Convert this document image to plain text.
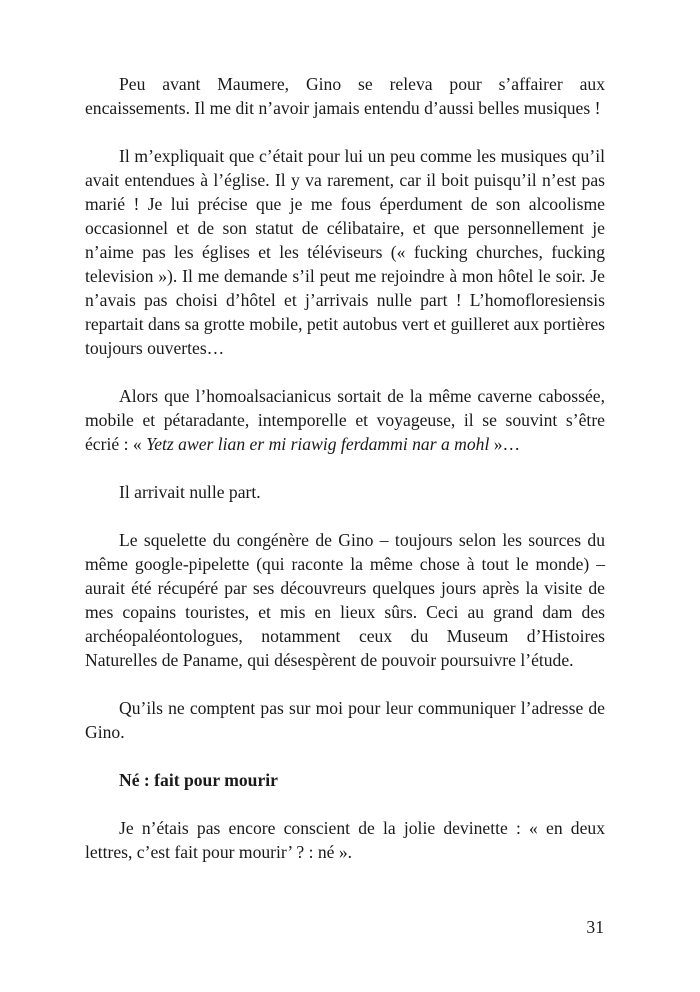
Peu avant Maumere, Gino se releva pour s’affairer aux encaissements. Il me dit n’avoir jamais entendu d’aussi belles musiques !

Il m’expliquait que c’était pour lui un peu comme les musiques qu’il avait entendues à l’église. Il y va rarement, car il boit puisqu’il n’est pas marié ! Je lui précise que je me fous éperdument de son alcoolisme occasionnel et de son statut de célibataire, et que personnellement je n’aime pas les églises et les téléviseurs (« fucking churches, fucking television »). Il me demande s’il peut me rejoindre à mon hôtel le soir. Je n’avais pas choisi d’hôtel et j’arrivais nulle part ! L’homofloresiensis repartait dans sa grotte mobile, petit autobus vert et guilleret aux portières toujours ouvertes…

Alors que l’homoalsacianicus sortait de la même caverne cabossée, mobile et pétaradante, intemporelle et voyageuse, il se souvint s’être écrié : « Yetz awer lian er mi riawig ferdammi nar a mohl »…

Il arrivait nulle part.

Le squelette du congénère de Gino – toujours selon les sources du même google-pipelette (qui raconte la même chose à tout le monde) – aurait été récupéré par ses découvreurs quelques jours après la visite de mes copains touristes, et mis en lieux sûrs. Ceci au grand dam des archéopaléontologues, notamment ceux du Museum d’Histoires Naturelles de Paname, qui désespèrent de pouvoir poursuivre l’étude.

Qu’ils ne comptent pas sur moi pour leur communiquer l’adresse de Gino.

Né : fait pour mourir

Je n’étais pas encore conscient de la jolie devinette : « en deux lettres, c’est fait pour mourir’ ? : né ».

31
